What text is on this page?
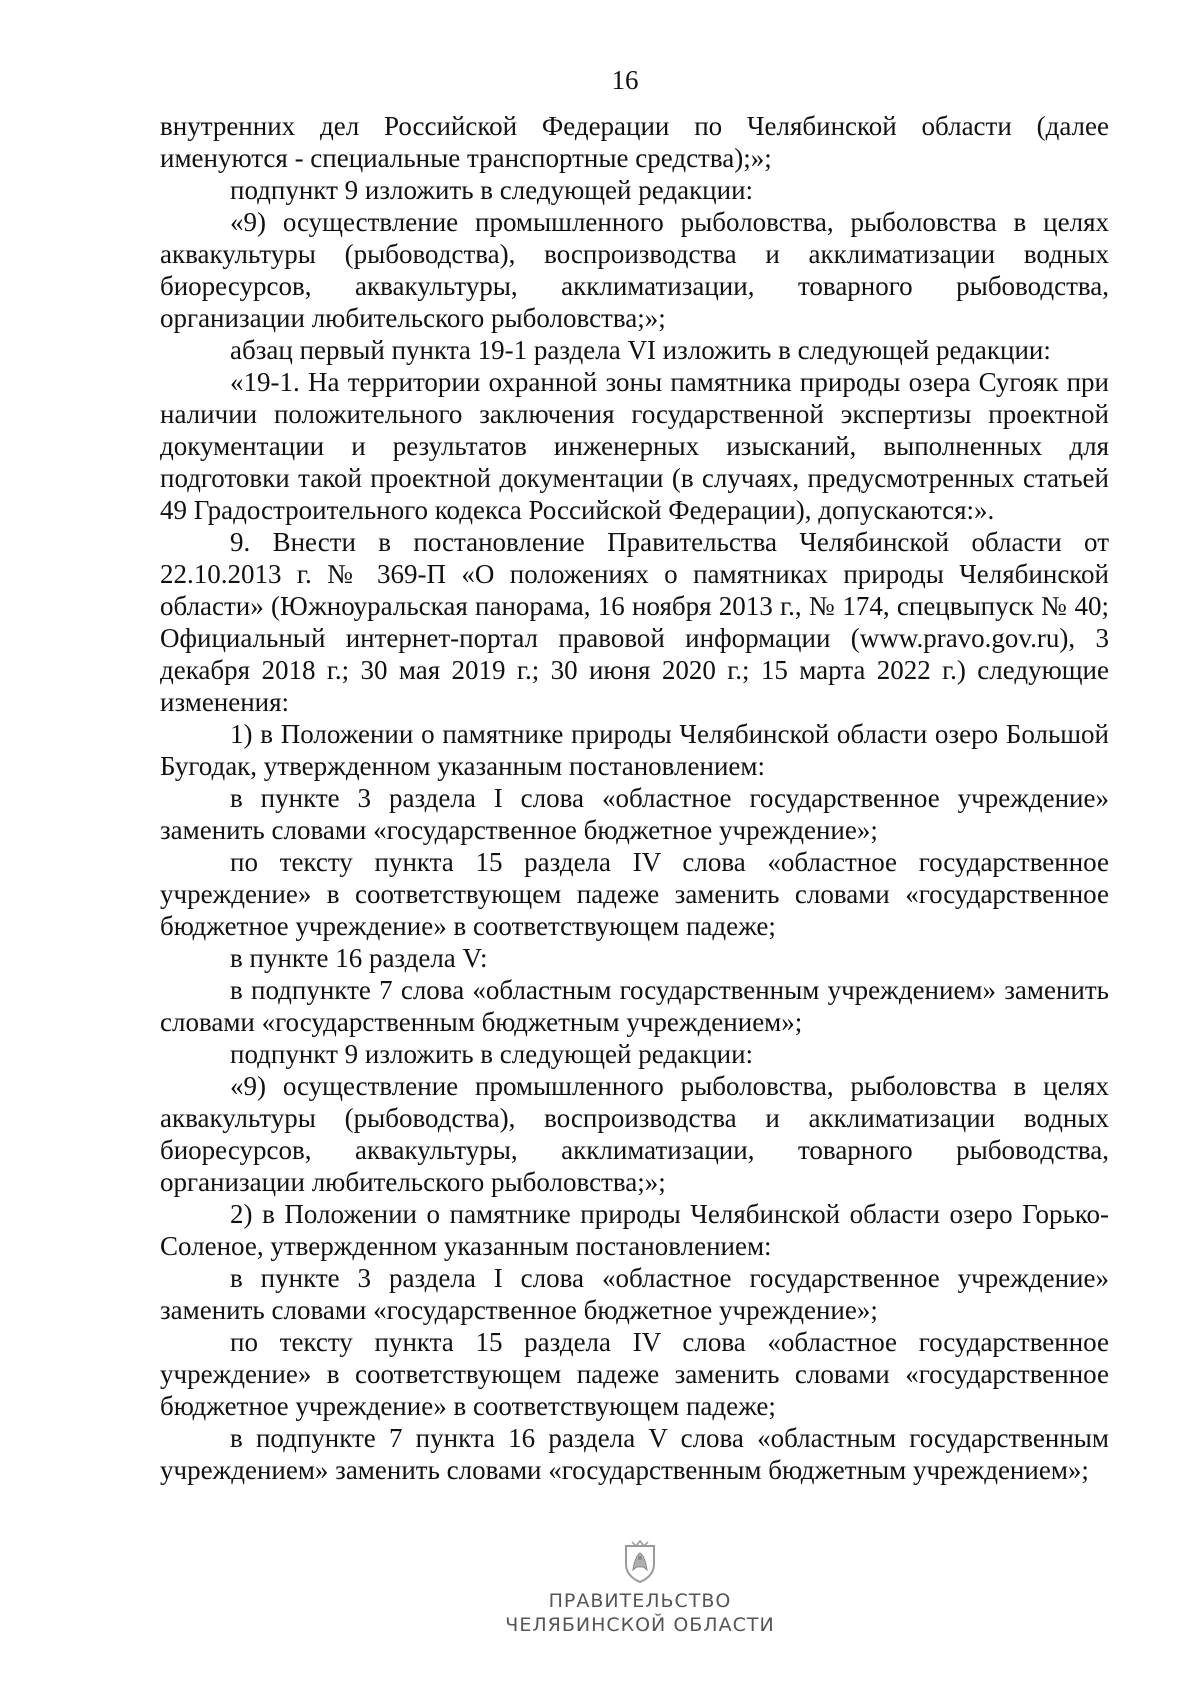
16

внутренних дел Российской Федерации по Челябинской области (далее именуются - специальные транспортные средства);»;

подпункт 9 изложить в следующей редакции:

«9) осуществление промышленного рыболовства, рыболовства в целях аквакультуры (рыбоводства), воспроизводства и акклиматизации водных биоресурсов, аквакультуры, акклиматизации, товарного рыбоводства, организации любительского рыболовства;»;

абзац первый пункта 19-1 раздела VI изложить в следующей редакции:

«19-1. На территории охранной зоны памятника природы озера Сугояк при наличии положительного заключения государственной экспертизы проектной документации и результатов инженерных изысканий, выполненных для подготовки такой проектной документации (в случаях, предусмотренных статьей 49 Градостроительного кодекса Российской Федерации), допускаются:».

9. Внести в постановление Правительства Челябинской области от 22.10.2013 г. № 369-П «О положениях о памятниках природы Челябинской области» (Южноуральская панорама, 16 ноября 2013 г., № 174, спецвыпуск № 40; Официальный интернет-портал правовой информации (www.pravo.gov.ru), 3 декабря 2018 г.; 30 мая 2019 г.; 30 июня 2020 г.; 15 марта 2022 г.) следующие изменения:

1) в Положении о памятнике природы Челябинской области озеро Большой Бугодак, утвержденном указанным постановлением:

в пункте 3 раздела I слова «областное государственное учреждение» заменить словами «государственное бюджетное учреждение»;

по тексту пункта 15 раздела IV слова «областное государственное учреждение» в соответствующем падеже заменить словами «государственное бюджетное учреждение» в соответствующем падеже;

в пункте 16 раздела V:

в подпункте 7 слова «областным государственным учреждением» заменить словами «государственным бюджетным учреждением»;

подпункт 9 изложить в следующей редакции:

«9) осуществление промышленного рыболовства, рыболовства в целях аквакультуры (рыбоводства), воспроизводства и акклиматизации водных биоресурсов, аквакультуры, акклиматизации, товарного рыбоводства, организации любительского рыболовства;»;

2) в Положении о памятнике природы Челябинской области озеро Горько-Соленое, утвержденном указанным постановлением:

в пункте 3 раздела I слова «областное государственное учреждение» заменить словами «государственное бюджетное учреждение»;

по тексту пункта 15 раздела IV слова «областное государственное учреждение» в соответствующем падеже заменить словами «государственное бюджетное учреждение» в соответствующем падеже;

в подпункте 7 пункта 16 раздела V слова «областным государственным учреждением» заменить словами «государственным бюджетным учреждением»;

ПРАВИТЕЛЬСТВО
ЧЕЛЯБИНСКОЙ ОБЛАСТИ
